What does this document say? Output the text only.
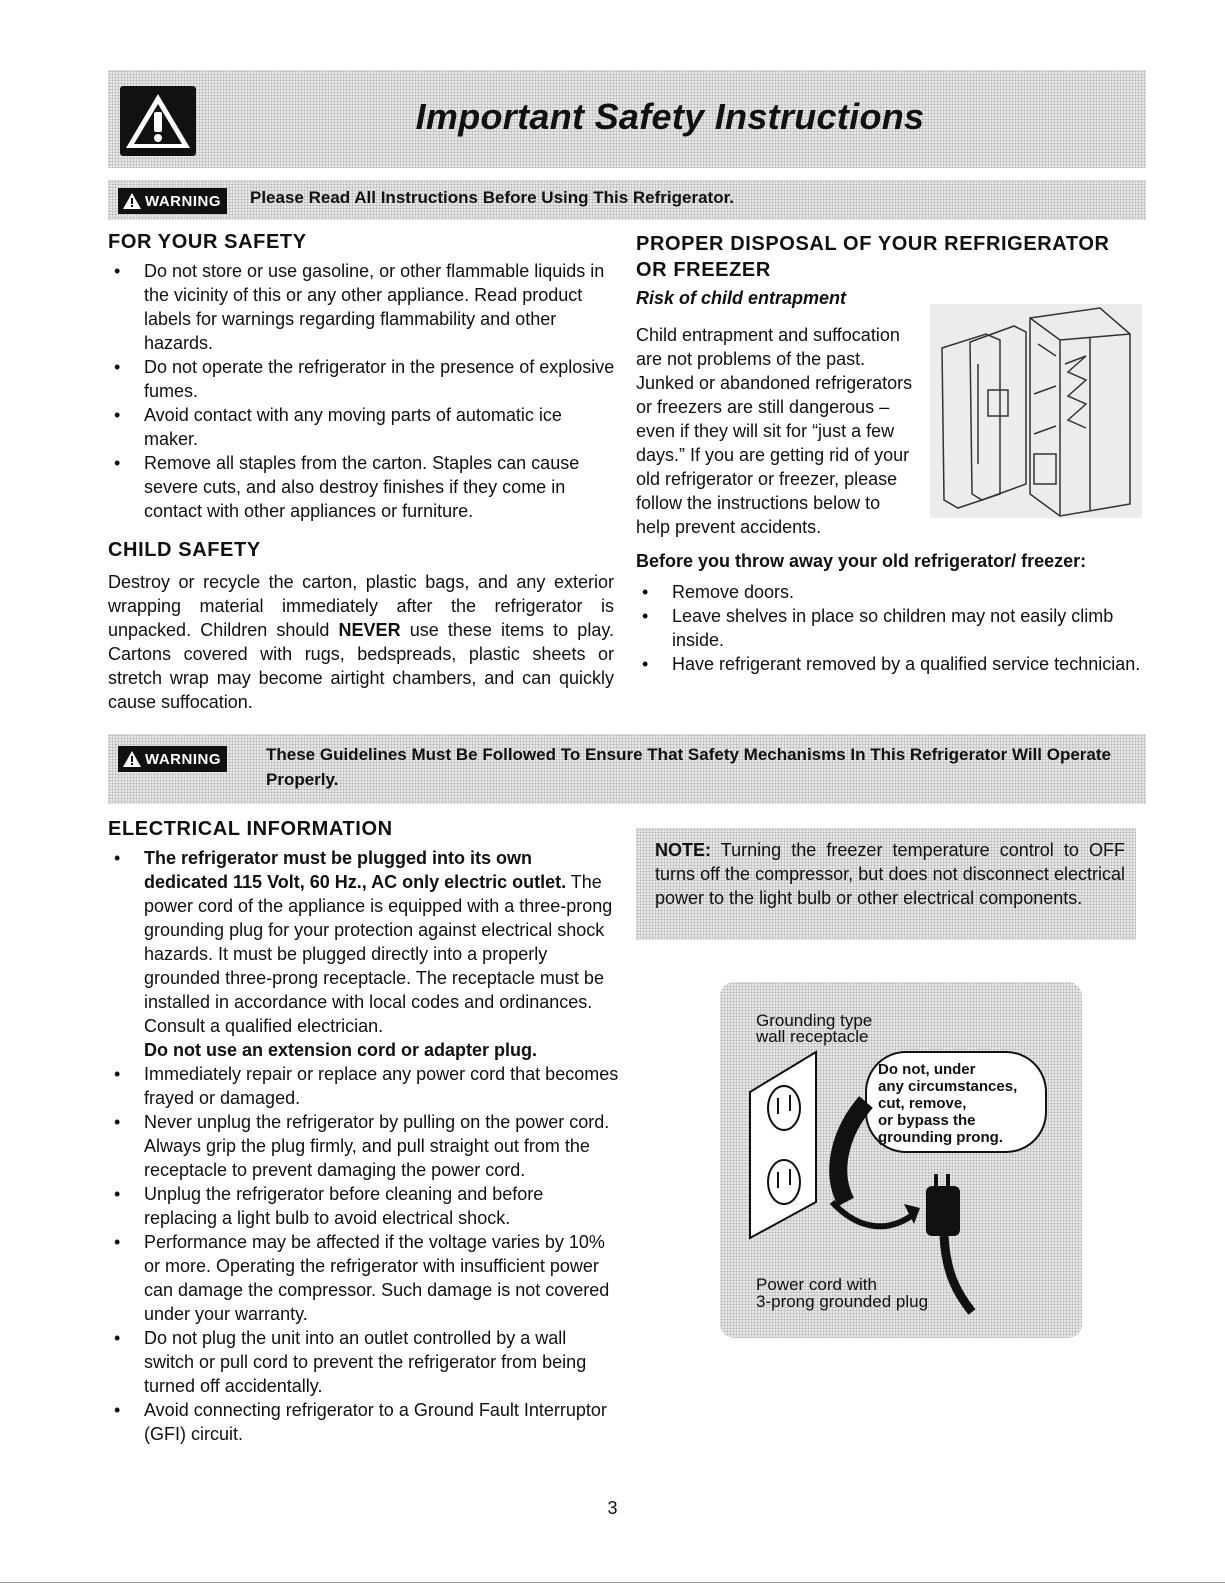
Important Safety Instructions
WARNING Please Read All Instructions Before Using This Refrigerator.
FOR YOUR SAFETY
• Do not store or use gasoline, or other flammable liquids in the vicinity of this or any other appliance. Read product labels for warnings regarding flammability and other hazards.
• Do not operate the refrigerator in the presence of explosive fumes.
• Avoid contact with any moving parts of automatic ice maker.
• Remove all staples from the carton. Staples can cause severe cuts, and also destroy finishes if they come in contact with other appliances or furniture.
CHILD SAFETY
Destroy or recycle the carton, plastic bags, and any exterior wrapping material immediately after the refrigerator is unpacked. Children should NEVER use these items to play. Cartons covered with rugs, bedspreads, plastic sheets or stretch wrap may become airtight chambers, and can quickly cause suffocation.
PROPER DISPOSAL OF YOUR REFRIGERATOR OR FREEZER
Risk of child entrapment
Child entrapment and suffocation are not problems of the past. Junked or abandoned refrigerators or freezers are still dangerous – even if they will sit for “just a few days.” If you are getting rid of your old refrigerator or freezer, please follow the instructions below to help prevent accidents.
Before you throw away your old refrigerator/ freezer:
• Remove doors.
• Leave shelves in place so children may not easily climb inside.
• Have refrigerant removed by a qualified service technician.
WARNING	These Guidelines Must Be Followed To Ensure That Safety Mechanisms In This Refrigerator Will Operate Properly.
ELECTRICAL INFORMATION
• The refrigerator must be plugged into its own dedicated 115 Volt, 60 Hz., AC only electric outlet. The power cord of the appliance is equipped with a three-prong grounding plug for your protection against electrical shock hazards. It must be plugged directly into a properly grounded three-prong receptacle. The receptacle must be installed in accordance with local codes and ordinances. Consult a qualified electrician.
Do not use an extension cord or adapter plug.
• Immediately repair or replace any power cord that becomes frayed or damaged.
• Never unplug the refrigerator by pulling on the power cord. Always grip the plug firmly, and pull straight out from the receptacle to prevent damaging the power cord.
• Unplug the refrigerator before cleaning and before replacing a light bulb to avoid electrical shock.
• Performance may be affected if the voltage varies by 10% or more. Operating the refrigerator with insufficient power can damage the compressor. Such damage is not covered under your warranty.
• Do not plug the unit into an outlet controlled by a wall switch or pull cord to prevent the refrigerator from being turned off accidentally.
• Avoid connecting refrigerator to a Ground Fault Interruptor (GFI) circuit.
NOTE: Turning the freezer temperature control to OFF turns off the compressor, but does not disconnect electrical power to the light bulb or other electrical components.
Grounding type
wall receptacle
Do not, under
any circumstances,
cut, remove,
or bypass the
grounding prong.
Power cord with
3-prong grounded plug
3
